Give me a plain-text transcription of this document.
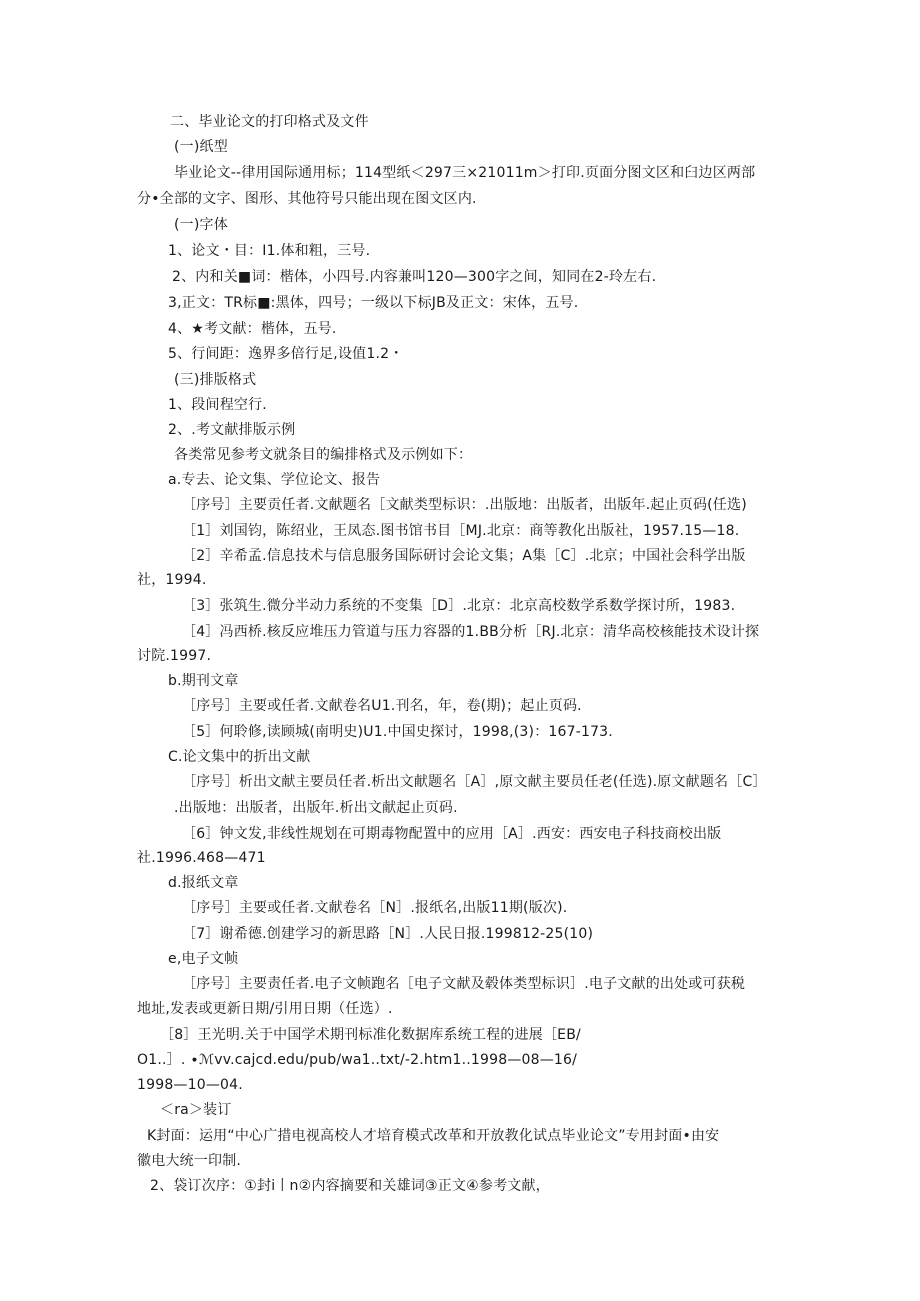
二、毕业论文的打印格式及文件
(一)纸型
毕业论文--律用国际通用标；114型纸＜297三×21011m＞打印.页面分图文区和臼边区两部
分•全部的文字、图形、其他符号只能出现在图文区内.
(一)字体
1、论文・目：I1.体和粗，三号.
2、内和关■词：楷体，小四号.内容兼叫120—300字之间，知同在2-玲左右.
3,正文：TR标■:黑体，四号；一级以下标JB及正文：宋体，五号.
4、★考文献：楷体，五号.
5、行间距：逸界多倍行足,设值1.2・
(三)排版格式
1、段间程空行.
2、.考文献排版示例
各类常见参考文就条目的编排格式及示例如下：
a.专去、论文集、学位论文、报告
［序号］主要贡任者.文献题名［文献类型标识：.出版地：出版者，出版年.起止页码(任选)
［1］刘国钧，陈绍业，王凤态.图书馆书目［MJ.北京：商等教化出版社，1957.15—18.
［2］辛希孟.信息技术与信息服务国际研讨会论文集；A集［C］.北京；中国社会科学出版
社，1994.
［3］张筑生.微分半动力系统的不变集［D］.北京：北京高校数学系数学探讨所，1983.
［4］冯西桥.核反应堆压力管道与压力容器的1.BB分析［RJ.北京：清华高校核能技术设计探
讨院.1997.
b.期刊文章
［序号］主要或任者.文献卷名U1.刊名，年，卷(期)；起止页码.
［5］何聆修,读顾城(南明史)U1.中国史探讨，1998,(3)：167-173.
C.论文集中的折出文献
［序号］析出文献主要员任者.析出文献题名［A］,原文献主要员任老(任选).原文献题名［C］
.出版地：出版者，出版年.析出文献起止页码.
［6］钟文发,非线性规划在可期毒物配置中的应用［A］.西安：西安电子科技商校出版
社.1996.468—471
d.报纸文章
［序号］主要或任者.文献卷名［N］.报纸名,出版11期(版次).
［7］谢希德.创建学习的新思路［N］.人民日报.199812-25(10)
e,电子文帧
［序号］主要责任者.电子文帧跑名［电子文献及毂体类型标识］.电子文献的出处或可获税
地址,发表或更新日期/引用日期（任选）.
［8］王光明.关于中国学术期刊标准化数据库系统工程的进展［EB/
O1..］. ∙ℳvv.cajcd.edu/pub/wa1..txt/-2.htm1..1998—08—16/
1998—10—04.
＜ra＞装订
K封面：运用“中心广措电视高校人才培育模式改革和开放教化试点毕业论文”专用封面•由安
徽电大统一印制.
2、袋订次序：①封i丨n②内容摘要和关雄词③正文④参考文献，
